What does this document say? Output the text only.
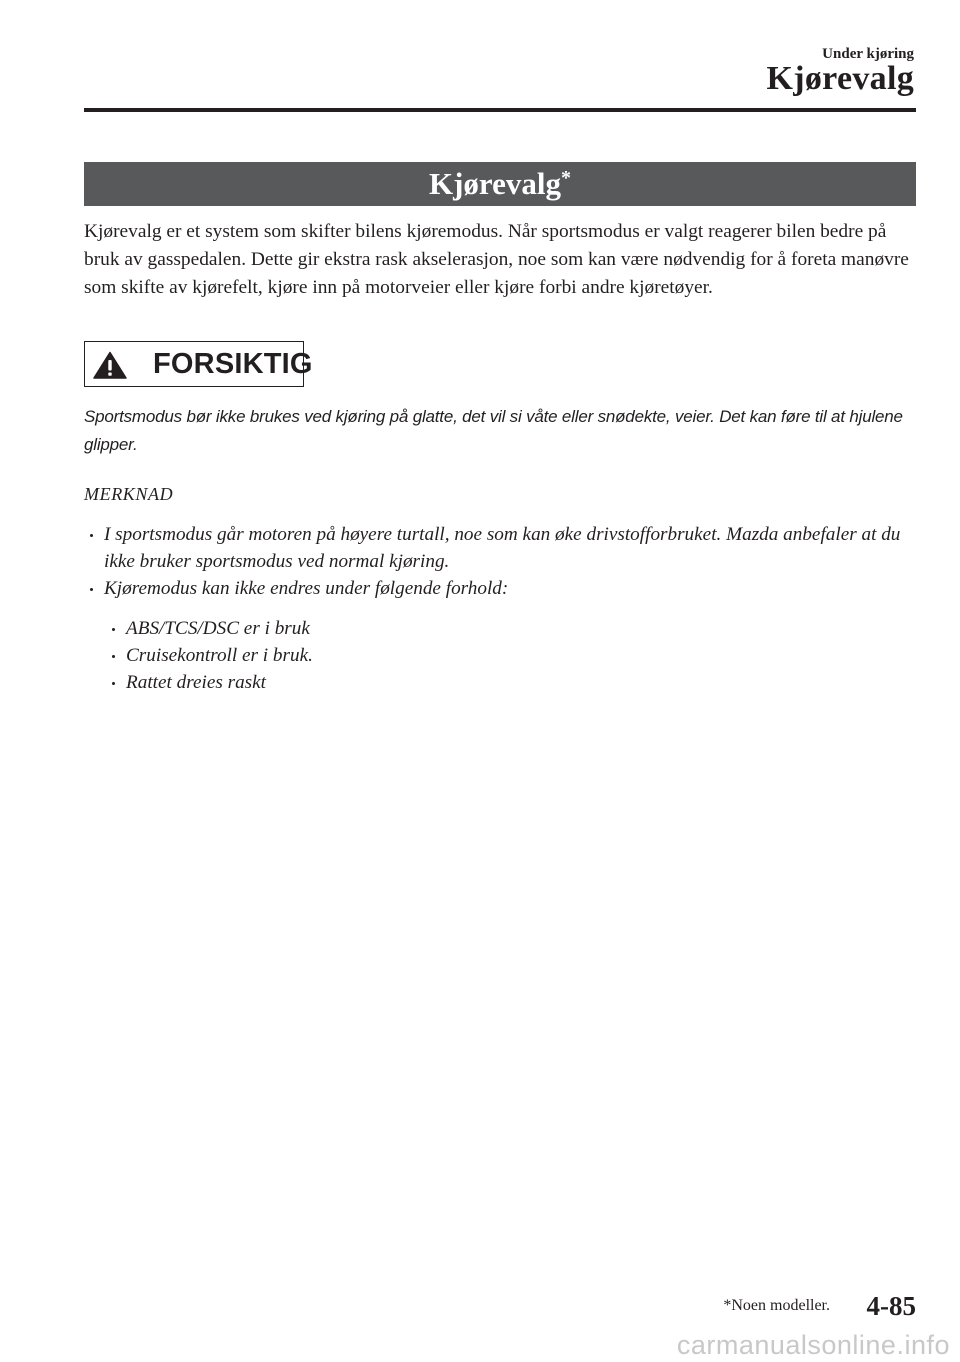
Under kjøring
Kjørevalg
Kjørevalg*

Kjørevalg er et system som skifter bilens kjøremodus. Når sportsmodus er valgt reagerer bilen bedre på bruk av gasspedalen. Dette gir ekstra rask akselerasjon, noe som kan være nødvendig for å foreta manøvre som skifte av kjørefelt, kjøre inn på motorveier eller kjøre forbi andre kjøretøyer.

FORSIKTIG

Sportsmodus bør ikke brukes ved kjøring på glatte, det vil si våte eller snødekte, veier. Det kan føre til at hjulene glipper.

MERKNAD
I sportsmodus går motoren på høyere turtall, noe som kan øke drivstofforbruket. Mazda anbefaler at du ikke bruker sportsmodus ved normal kjøring.
Kjøremodus kan ikke endres under følgende forhold:
ABS/TCS/DSC er i bruk
Cruisekontroll er i bruk.
Rattet dreies raskt
*Noen modeller. 4-85
carmanualsonline.info
